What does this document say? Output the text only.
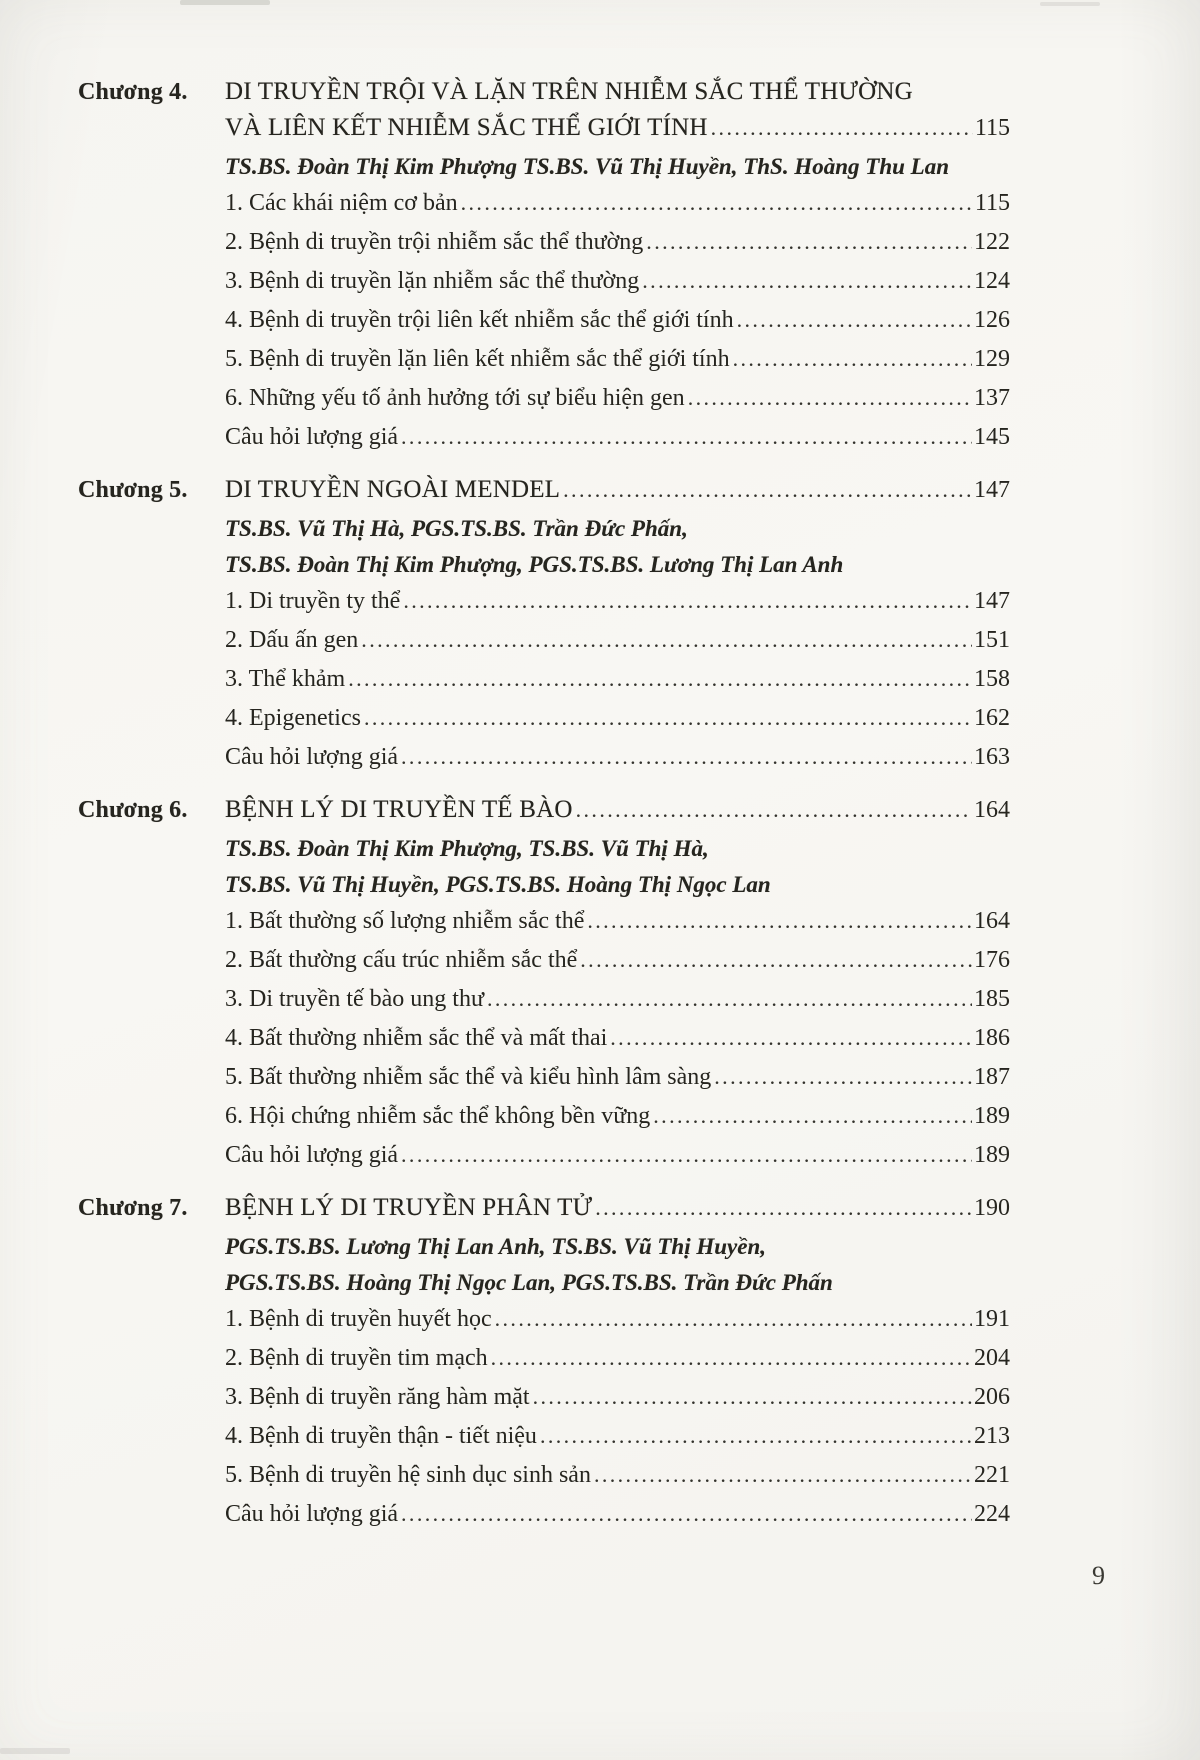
Chương 4.	DI TRUYỀN TRỘI VÀ LẶN TRÊN NHIỄM SẮC THỂ THƯỜNG
VÀ LIÊN KẾT NHIỄM SẮC THỂ GIỚI TÍNH .....	115
TS.BS. Đoàn Thị Kim Phượng TS.BS. Vũ Thị Huyền, ThS. Hoàng Thu Lan
1. Các khái niệm cơ bản .....	115
2. Bệnh di truyền trội nhiễm sắc thể thường .....	122
3. Bệnh di truyền lặn nhiễm sắc thể thường .....	124
4. Bệnh di truyền trội liên kết nhiễm sắc thể giới tính .....	126
5. Bệnh di truyền lặn liên kết nhiễm sắc thể giới tính .....	129
6. Những yếu tố ảnh hưởng tới sự biểu hiện gen .....	137
Câu hỏi lượng giá .....	145
Chương 5.	DI TRUYỀN NGOÀI MENDEL .....	147
TS.BS. Vũ Thị Hà, PGS.TS.BS. Trần Đức Phấn,
TS.BS. Đoàn Thị Kim Phượng, PGS.TS.BS. Lương Thị Lan Anh
1. Di truyền ty thể .....	147
2. Dấu ấn gen .....	151
3. Thể khảm .....	158
4. Epigenetics .....	162
Câu hỏi lượng giá .....	163
Chương 6.	BỆNH LÝ DI TRUYỀN TẾ BÀO .....	164
TS.BS. Đoàn Thị Kim Phượng, TS.BS. Vũ Thị Hà,
TS.BS. Vũ Thị Huyền, PGS.TS.BS. Hoàng Thị Ngọc Lan
1. Bất thường số lượng nhiễm sắc thể .....	164
2. Bất thường cấu trúc nhiễm sắc thể .....	176
3. Di truyền tế bào ung thư .....	185
4. Bất thường nhiễm sắc thể và mất thai .....	186
5. Bất thường nhiễm sắc thể và kiểu hình lâm sàng .....	187
6. Hội chứng nhiễm sắc thể không bền vững .....	189
Câu hỏi lượng giá .....	189
Chương 7.	BỆNH LÝ DI TRUYỀN PHÂN TỬ .....	190
PGS.TS.BS. Lương Thị Lan Anh, TS.BS. Vũ Thị Huyền,
PGS.TS.BS. Hoàng Thị Ngọc Lan, PGS.TS.BS. Trần Đức Phấn
1. Bệnh di truyền huyết học .....	191
2. Bệnh di truyền tim mạch .....	204
3. Bệnh di truyền răng hàm mặt .....	206
4. Bệnh di truyền thận - tiết niệu .....	213
5. Bệnh di truyền hệ sinh dục sinh sản .....	221
Câu hỏi lượng giá .....	224
9
